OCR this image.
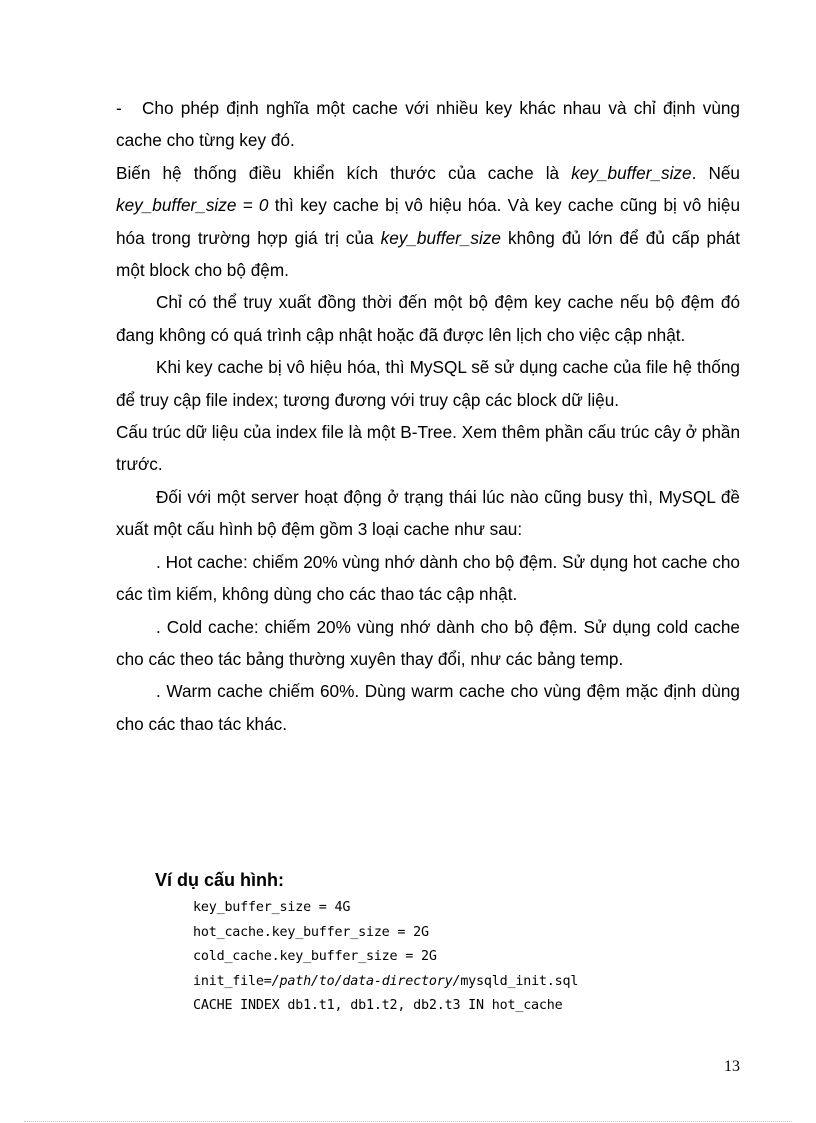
- Cho phép định nghĩa một cache với nhiều key khác nhau và chỉ định vùng cache cho từng key đó.

Biến hệ thống điều khiển kích thước của cache là key_buffer_size. Nếu key_buffer_size = 0 thì key cache bị vô hiệu hóa. Và key cache cũng bị vô hiệu hóa trong trường hợp giá trị của key_buffer_size không đủ lớn để đủ cấp phát một block cho bộ đệm.

Chỉ có thể truy xuất đồng thời đến một bộ đệm key cache nếu bộ đệm đó đang không có quá trình cập nhật hoặc đã được lên lịch cho việc cập nhật.

Khi key cache bị vô hiệu hóa, thì MySQL sẽ sử dụng cache của file hệ thống để truy cập file index; tương đương với truy cập các block dữ liệu.

Cấu trúc dữ liệu của index file là một B-Tree. Xem thêm phần cấu trúc cây ở phần trước.

Đối với một server hoạt động ở trạng thái lúc nào cũng busy thì, MySQL đề xuất một cấu hình bộ đệm gồm 3 loại cache như sau:

. Hot cache: chiếm 20% vùng nhớ dành cho bộ đệm. Sử dụng hot cache cho các tìm kiếm, không dùng cho các thao tác cập nhật.

. Cold cache: chiếm 20% vùng nhớ dành cho bộ đệm. Sử dụng cold cache cho các theo tác bảng thường xuyên thay đổi, như các bảng temp.

. Warm cache chiếm 60%. Dùng warm cache cho vùng đệm mặc định dùng cho các thao tác khác.

Ví dụ cấu hình:

key_buffer_size = 4G
hot_cache.key_buffer_size = 2G
cold_cache.key_buffer_size = 2G
init_file=/path/to/data-directory/mysqld_init.sql
CACHE INDEX db1.t1, db1.t2, db2.t3 IN hot_cache
13
